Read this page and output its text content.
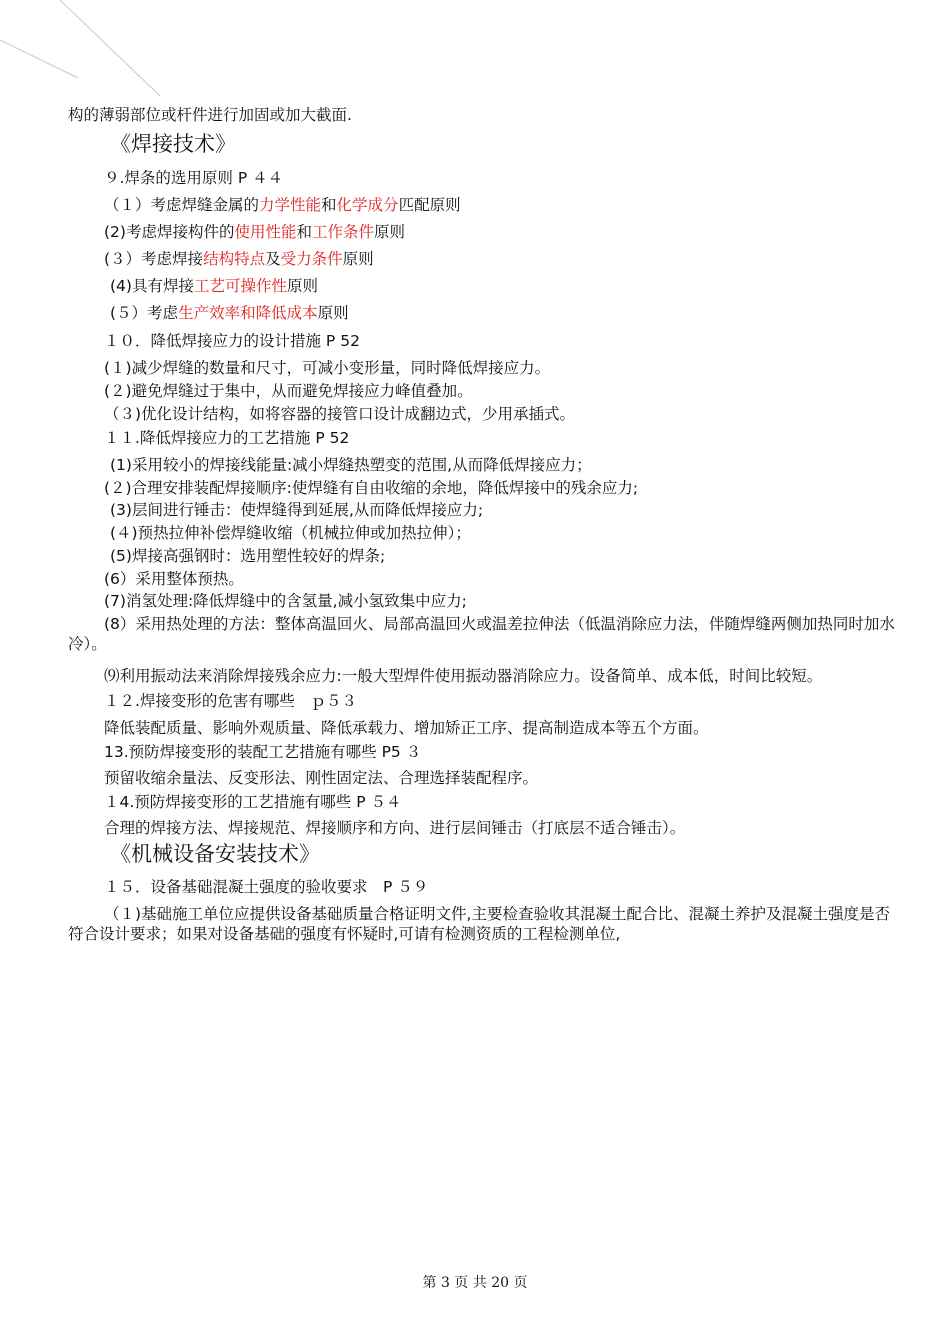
构的薄弱部位或杆件进行加固或加大截面.
《焊接技术》
９.焊条的选用原则 P ４４
（１）考虑焊缝金属的力学性能和化学成分匹配原则
(2)考虑焊接构件的使用性能和工作条件原则
(３）考虑焊接结构特点及受力条件原则
(4)具有焊接工艺可操作性原则
(５）考虑生产效率和降低成本原则
１０．降低焊接应力的设计措施 P 52
(１)减少焊缝的数量和尺寸，可减小变形量，同时降低焊接应力。
(２)避免焊缝过于集中，从而避免焊接应力峰值叠加。
（３)优化设计结构，如将容器的接管口设计成翻边式，少用承插式。
１１.降低焊接应力的工艺措施 P 52
(1)采用较小的焊接线能量:减小焊缝热塑变的范围,从而降低焊接应力；
(２)合理安排装配焊接顺序:使焊缝有自由收缩的余地，降低焊接中的残余应力;
(3)层间进行锤击：使焊缝得到延展,从而降低焊接应力;
(４)预热拉伸补偿焊缝收缩（机械拉伸或加热拉伸）；
(5)焊接高强钢时：选用塑性较好的焊条;
(6）采用整体预热。
(7)消氢处理:降低焊缝中的含氢量,减小氢致集中应力;
(8）采用热处理的方法：整体高温回火、局部高温回火或温差拉伸法（低温消除应力法，伴随焊缝两侧加热同时加水冷）。
⑼利用振动法来消除焊接残余应力:一般大型焊件使用振动器消除应力。设备简单、成本低，时间比较短。
１２.焊接变形的危害有哪些　ｐ５３
降低装配质量、影响外观质量、降低承载力、增加矫正工序、提高制造成本等五个方面。
13.预防焊接变形的装配工艺措施有哪些 P5 ３
预留收缩余量法、反变形法、刚性固定法、合理选择装配程序。
１4.预防焊接变形的工艺措施有哪些 P ５４
合理的焊接方法、焊接规范、焊接顺序和方向、进行层间锤击（打底层不适合锤击）。
《机械设备安装技术》
１５．设备基础混凝土强度的验收要求　P ５９
（１)基础施工单位应提供设备基础质量合格证明文件,主要检查验收其混凝土配合比、混凝土养护及混凝土强度是否符合设计要求；如果对设备基础的强度有怀疑时,可请有检测资质的工程检测单位,
第 3 页 共 20 页
